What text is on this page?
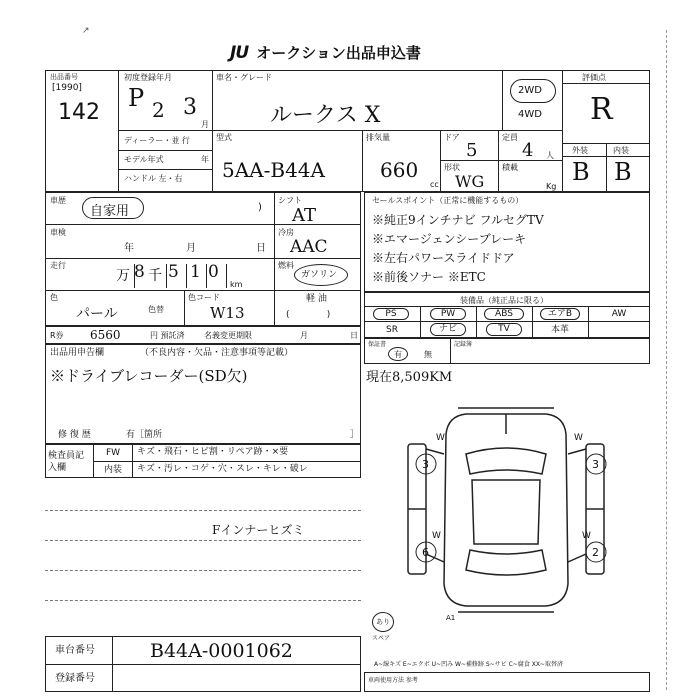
JU オークション出品申込書
↗
出品番号
[1990]
142
初度登録年月
P 2 3
月
車名・グレード
ルークス X
2WD
4WD
評価点
R
外装	内装
B B
ディーラー・並 行
モデル年式	年
ハンドル 左・右
型式
5AA-B44A
排気量
660
cc
ドア
5
定員
4 人
形状
WG
積載
Kg
車歴
自家用	)
車検
年	月	日
走行
万 8 千 5 1 0
km
色
パール	色替
色コード
W13
シフト
AT
冷房
AAC
燃料
ガソリン
軽 油
(             )
R券 6560	円 預託済 名義変更期限	月	日
セールスポイント（正常に機能するもの）
※純正9インチナビ フルセグTV
※エマージェンシーブレーキ
※左右パワースライドドア
※前後ソナー ※ETC
装備品（純正品に限る）
PS	PW	ABS	エアB	AW
SR	ナビ	TV	本革
保証書
有	無
記録簿
出品用申告欄	（不良内容・欠品・注意事項等記載）
※ドライブレコーダー(SD欠)
修 復 歴	有［箇所	］
現在8,509KM
検査員記入欄
FW	キズ・飛石・ヒビ割・リペア跡・×要
内装	キズ・汚レ・コゲ・穴・スレ・キレ・破レ
Fインナーヒズミ
W
3
W
3
W
6
W
2
A1
あり
スペア
車台番号	B44A-0001062
登録番号
A~線キズ E~エクボ U~凹み W~補修跡 S~サビ C~腐食 XX~取替済
車両使用方法 参考
